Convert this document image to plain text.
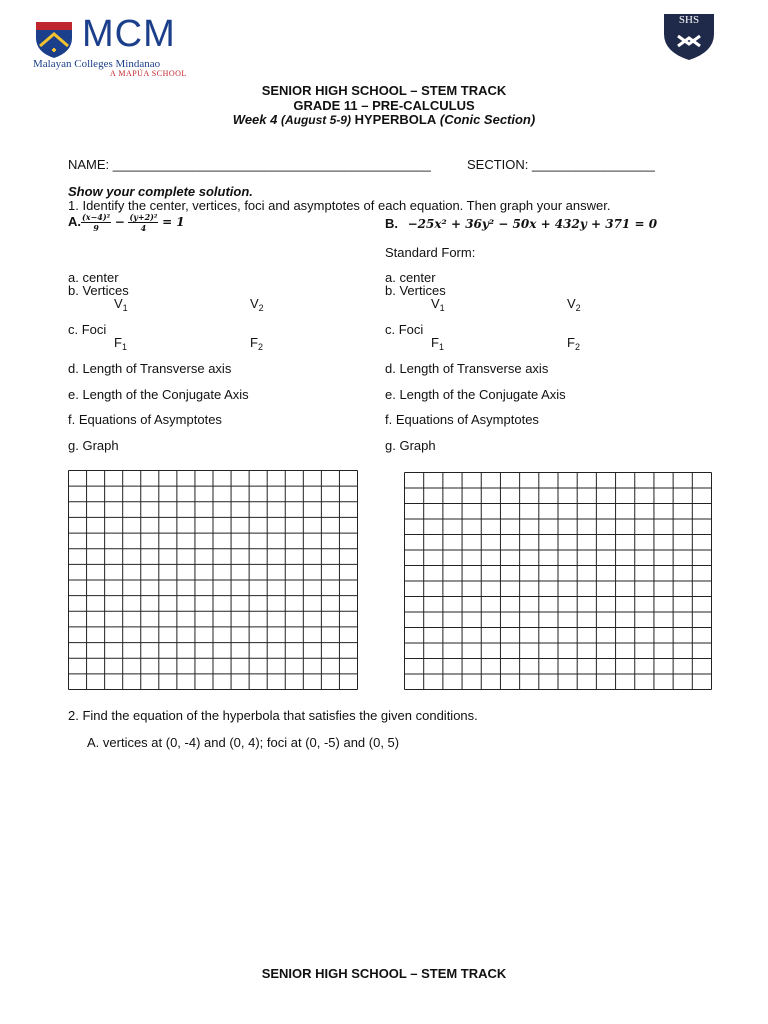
MCM
Malayan Colleges Mindanao
A MAPÚA SCHOOL
SHS
SENIOR HIGH SCHOOL – STEM TRACK
GRADE 11 – PRE-CALCULUS
Week 4 (August 5-9) HYPERBOLA (Conic Section)
NAME: ____________________________________________	SECTION: _________________
Show your complete solution.
1. Identify the center, vertices, foci and asymptotes of each equation. Then graph your answer.
A. $\frac{\text{(x−4)²}}{9} - \frac{\text{(y+2)²}}{4} = 1$	B. −25x² + 36y² − 50x + 432y + 371 = 0
Standard Form:
a. center
b. Vertices
$V_1$	$V_2$
c. Foci
$F_1$	$F_2$
d. Length of Transverse axis
e. Length of the Conjugate Axis
f. Equations of Asymptotes
g. Graph
a. center
b. Vertices
$V_1$	$V_2$
c. Foci
$F_1$	$F_2$
d. Length of Transverse axis
e. Length of the Conjugate Axis
f. Equations of Asymptotes
g. Graph
2. Find the equation of the hyperbola that satisfies the given conditions.
A. vertices at (0, -4) and (0, 4); foci at (0, -5) and (0, 5)
SENIOR HIGH SCHOOL – STEM TRACK
